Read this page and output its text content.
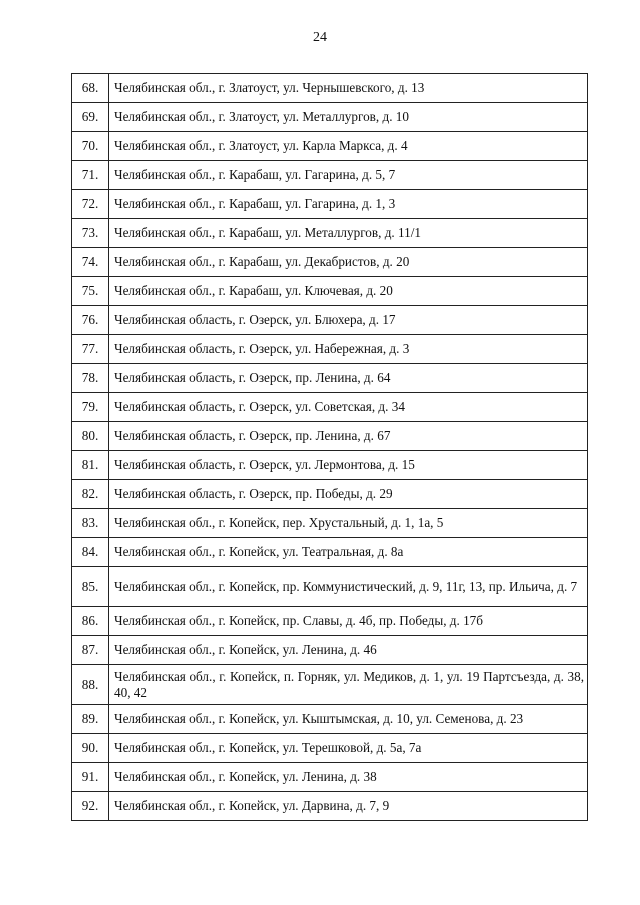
24
68.	Челябинская обл., г. Златоуст, ул. Чернышевского, д. 13
69.	Челябинская обл., г. Златоуст, ул. Металлургов, д. 10
70.	Челябинская обл., г. Златоуст, ул. Карла Маркса, д. 4
71.	Челябинская обл., г. Карабаш, ул. Гагарина, д. 5, 7
72.	Челябинская обл., г. Карабаш, ул. Гагарина, д. 1, 3
73.	Челябинская обл., г. Карабаш, ул. Металлургов, д. 11/1
74.	Челябинская обл., г. Карабаш, ул. Декабристов, д. 20
75.	Челябинская обл., г. Карабаш, ул. Ключевая, д. 20
76.	Челябинская область, г. Озерск, ул. Блюхера, д. 17
77.	Челябинская область, г. Озерск, ул. Набережная, д. 3
78.	Челябинская область, г. Озерск, пр. Ленина, д. 64
79.	Челябинская область, г. Озерск, ул. Советская, д. 34
80.	Челябинская область, г. Озерск, пр. Ленина, д. 67
81.	Челябинская область, г. Озерск, ул. Лермонтова, д. 15
82.	Челябинская область, г. Озерск, пр. Победы, д. 29
83.	Челябинская обл., г. Копейск, пер. Хрустальный, д. 1, 1а, 5
84.	Челябинская обл., г. Копейск, ул. Театральная, д. 8а
85.	Челябинская обл., г. Копейск, пр. Коммунистический, д. 9, 11г, 13, пр. Ильича, д. 7
86.	Челябинская обл., г. Копейск, пр. Славы, д. 4б, пр. Победы, д. 17б
87.	Челябинская обл., г. Копейск, ул. Ленина, д. 46
88.	Челябинская обл., г. Копейск, п. Горняк, ул. Медиков, д. 1, ул. 19 Партсъезда, д. 38, 40, 42
89.	Челябинская обл., г. Копейск, ул. Кыштымская, д. 10, ул. Семенова, д. 23
90.	Челябинская обл., г. Копейск, ул. Терешковой, д. 5а, 7а
91.	Челябинская обл., г. Копейск, ул. Ленина, д. 38
92.	Челябинская обл., г. Копейск, ул. Дарвина, д. 7, 9
